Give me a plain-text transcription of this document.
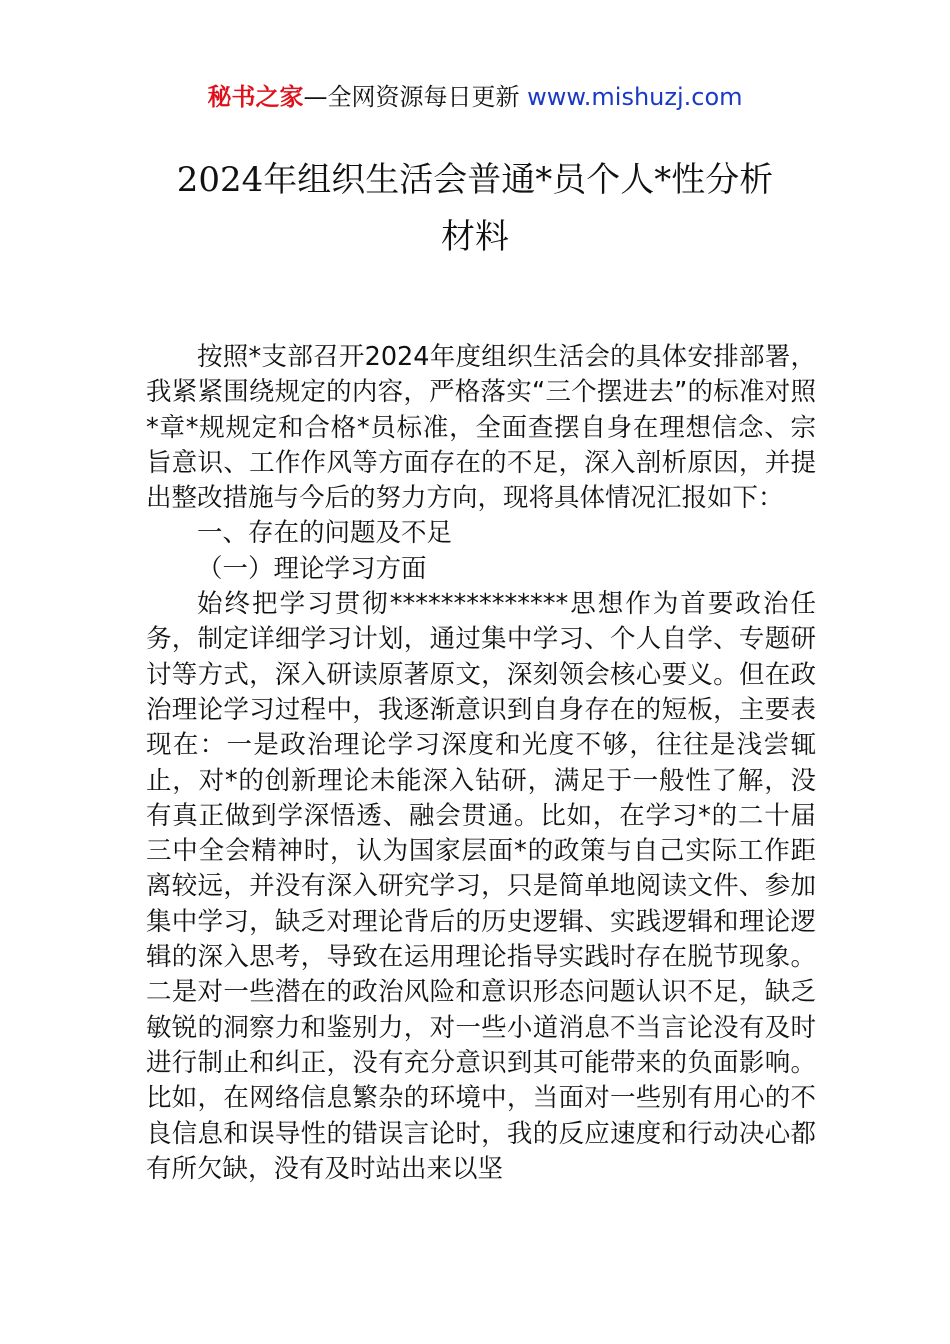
秘书之家—全网资源每日更新 www.mishuzj.com
2024年组织生活会普通*员个人*性分析
材料

按照*支部召开2024年度组织生活会的具体安排部署，我紧紧围绕规定的内容，严格落实“三个摆进去”的标准对照*章*规规定和合格*员标准，全面查摆自身在理想信念、宗旨意识、工作作风等方面存在的不足，深入剖析原因，并提出整改措施与今后的努力方向，现将具体情况汇报如下：

一、存在的问题及不足

（一）理论学习方面

始终把学习贯彻**************思想作为首要政治任务，制定详细学习计划，通过集中学习、个人自学、专题研讨等方式，深入研读原著原文，深刻领会核心要义。但在政治理论学习过程中，我逐渐意识到自身存在的短板，主要表现在：一是政治理论学习深度和光度不够，往往是浅尝辄止，对*的创新理论未能深入钻研，满足于一般性了解，没有真正做到学深悟透、融会贯通。比如，在学习*的二十届三中全会精神时，认为国家层面*的政策与自己实际工作距离较远，并没有深入研究学习，只是简单地阅读文件、参加集中学习，缺乏对理论背后的历史逻辑、实践逻辑和理论逻辑的深入思考，导致在运用理论指导实践时存在脱节现象。二是对一些潜在的政治风险和意识形态问题认识不足，缺乏敏锐的洞察力和鉴别力，对一些小道消息不当言论没有及时进行制止和纠正，没有充分意识到其可能带来的负面影响。比如，在网络信息繁杂的环境中，当面对一些别有用心的不良信息和误导性的错误言论时，我的反应速度和行动决心都有所欠缺，没有及时站出来以坚
